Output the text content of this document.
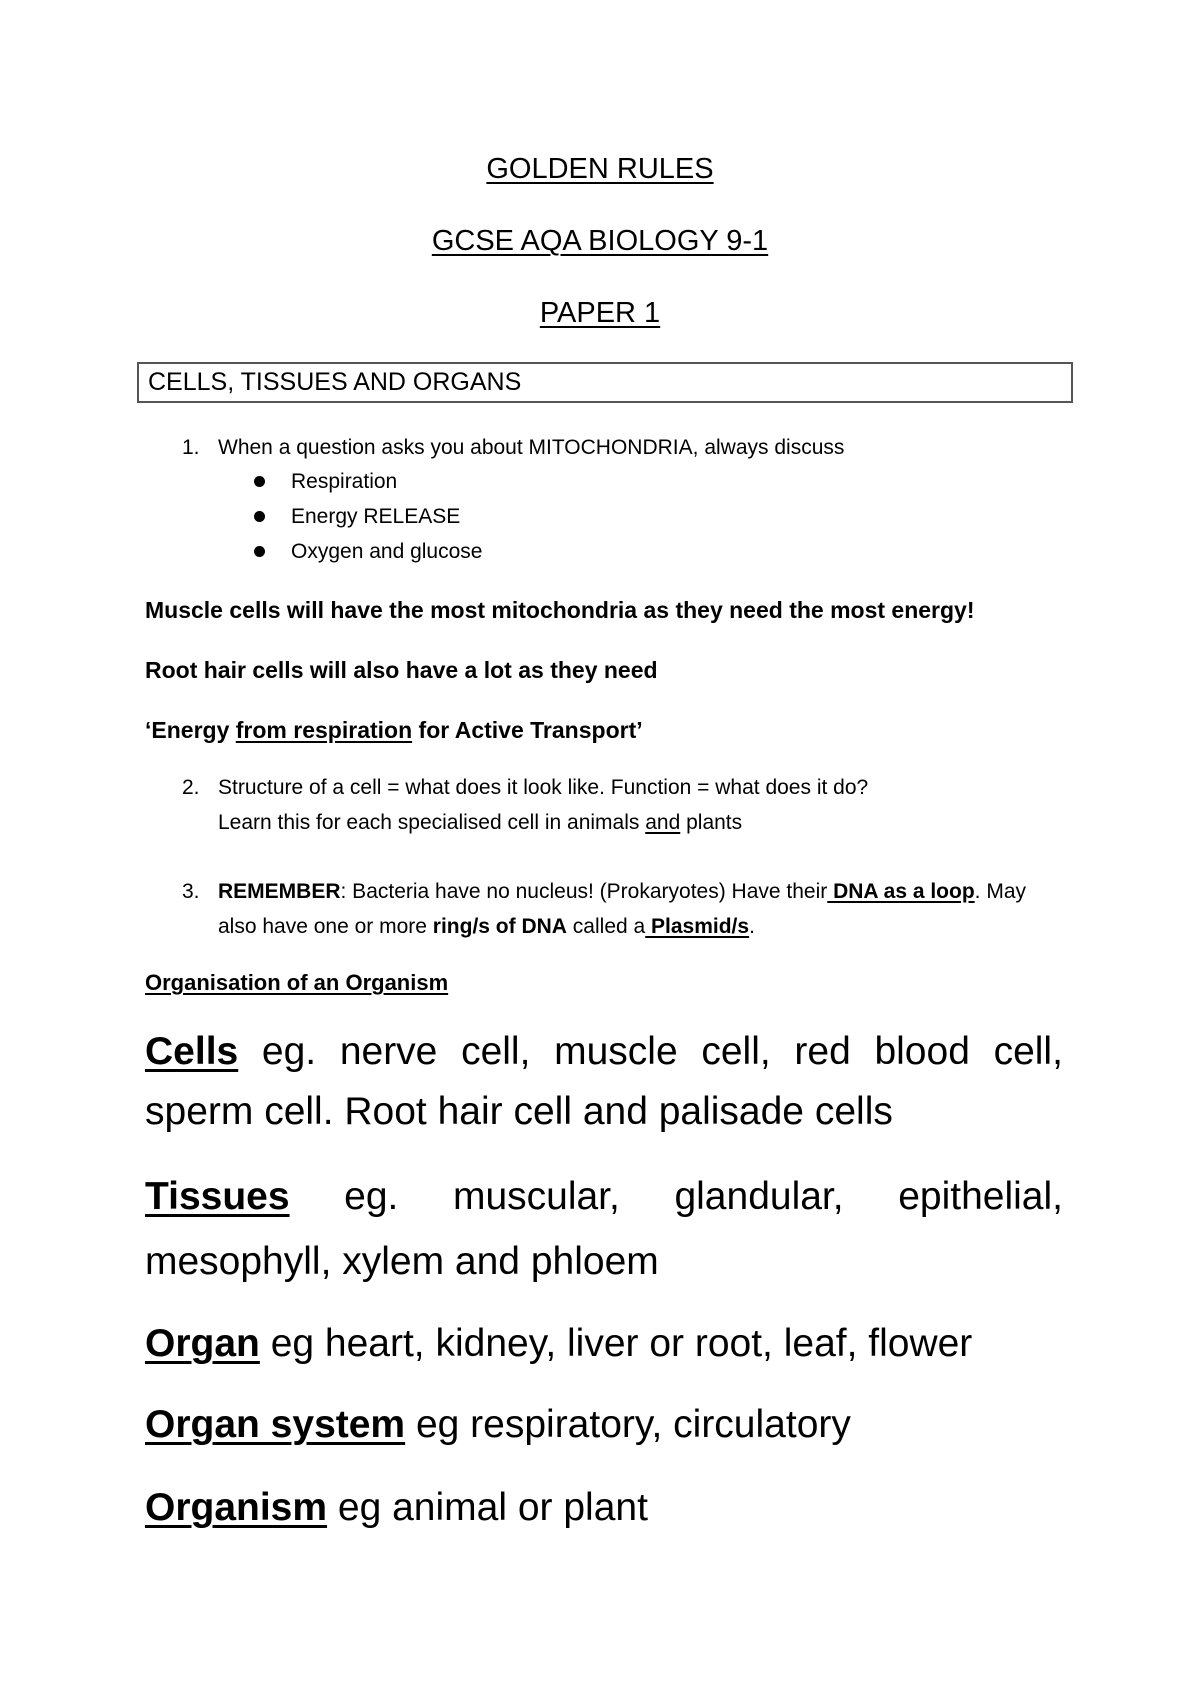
GOLDEN RULES
GCSE AQA BIOLOGY 9-1
PAPER 1
CELLS, TISSUES AND ORGANS
1. When a question asks you about MITOCHONDRIA, always discuss
Respiration
Energy RELEASE
Oxygen and glucose
Muscle cells will have the most mitochondria as they need the most energy!
Root hair cells will also have a lot as they need
‘Energy from respiration for Active Transport’
2. Structure of a cell = what does it look like. Function = what does it do?
Learn this for each specialised cell in animals and plants
3. REMEMBER: Bacteria have no nucleus! (Prokaryotes) Have their DNA as a loop. May
also have one or more ring/s of DNA called a Plasmid/s.
Organisation of an Organism
Cells eg. nerve cell, muscle cell, red blood cell,
sperm cell. Root hair cell and palisade cells
Tissues eg. muscular, glandular, epithelial,
mesophyll, xylem and phloem
Organ eg heart, kidney, liver or root, leaf, flower
Organ system eg respiratory, circulatory
Organism eg animal or plant
